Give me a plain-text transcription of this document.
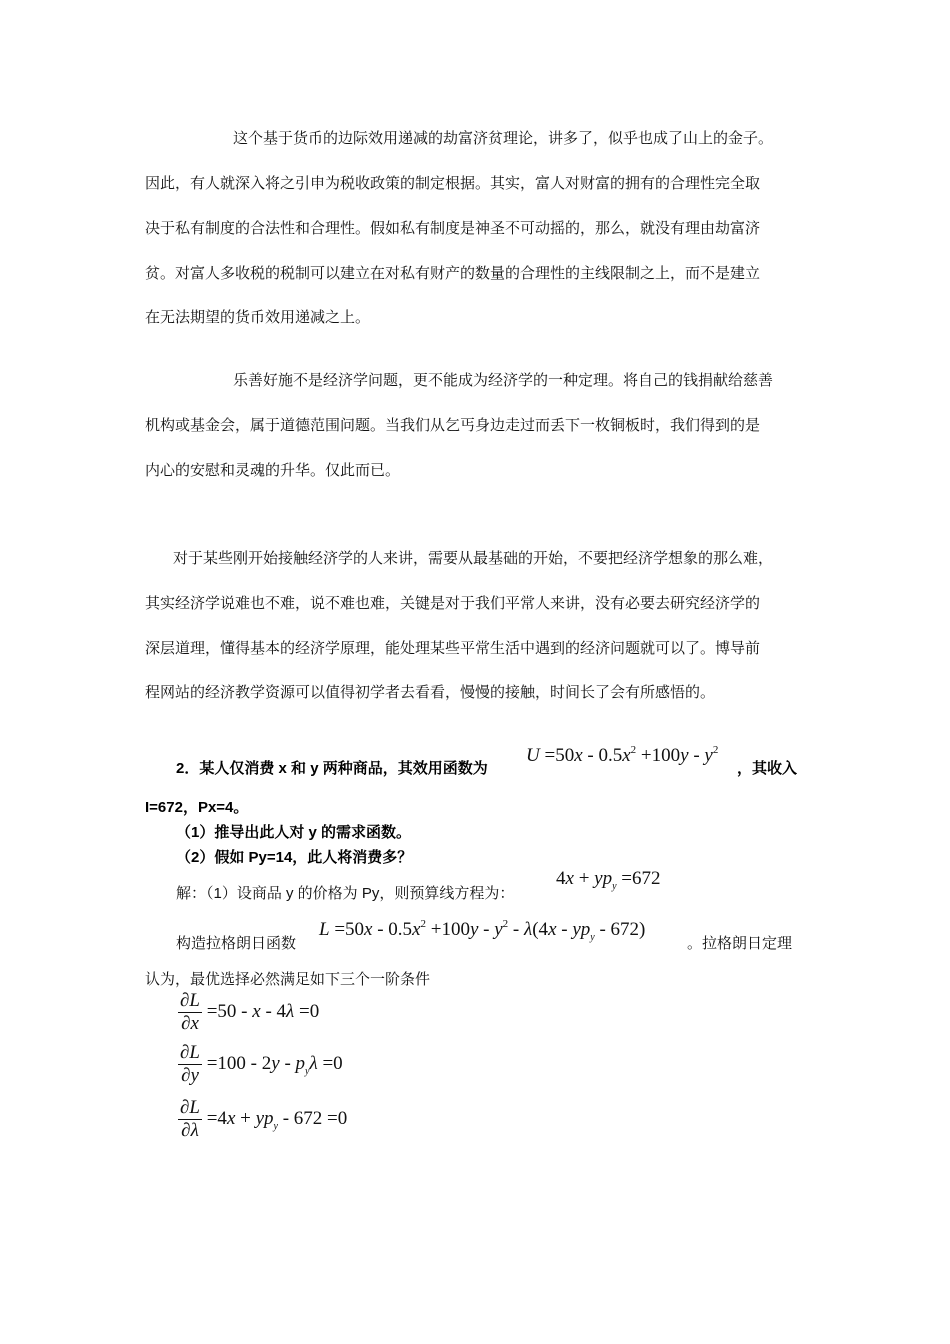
这个基于货币的边际效用递减的劫富济贫理论，讲多了，似乎也成了山上的金子。
因此，有人就深入将之引申为税收政策的制定根据。其实，富人对财富的拥有的合理性完全取
决于私有制度的合法性和合理性。假如私有制度是神圣不可动摇的，那么，就没有理由劫富济
贫。对富人多收税的税制可以建立在对私有财产的数量的合理性的主线限制之上，而不是建立
在无法期望的货币效用递减之上。
乐善好施不是经济学问题，更不能成为经济学的一种定理。将自己的钱捐献给慈善
机构或基金会，属于道德范围问题。当我们从乞丐身边走过而丢下一枚铜板时，我们得到的是
内心的安慰和灵魂的升华。仅此而已。
对于某些刚开始接触经济学的人来讲，需要从最基础的开始，不要把经济学想象的那么难，
其实经济学说难也不难，说不难也难，关键是对于我们平常人来讲，没有必要去研究经济学的
深层道理，懂得基本的经济学原理，能处理某些平常生活中遇到的经济问题就可以了。博导前
程网站的经济教学资源可以值得初学者去看看，慢慢的接触，时间长了会有所感悟的。
2．某人仅消费 x 和 y 两种商品，其效用函数为
$U =50x - 0.5x^2 +100y - y^2$
，其收入
I=672，Px=4。
（1）推导出此人对 y 的需求函数。
（2）假如 Py=14，此人将消费多？
解：（1）设商品 y 的价格为 Py，则预算线方程为：
$4x + yp_y =672$
构造拉格朗日函数
$L =50x - 0.5x^2 +100y - y^2 - \lambda(4x - yp_y - 672)$
。拉格朗日定理
认为，最优选择必然满足如下三个一阶条件
$\frac{\partial L}{\partial x} =50 - x - 4\lambda =0$
$\frac{\partial L}{\partial y} =100 - 2y - p_y\lambda =0$
$\frac{\partial L}{\partial\lambda} =4x + yp_y - 672 =0$
